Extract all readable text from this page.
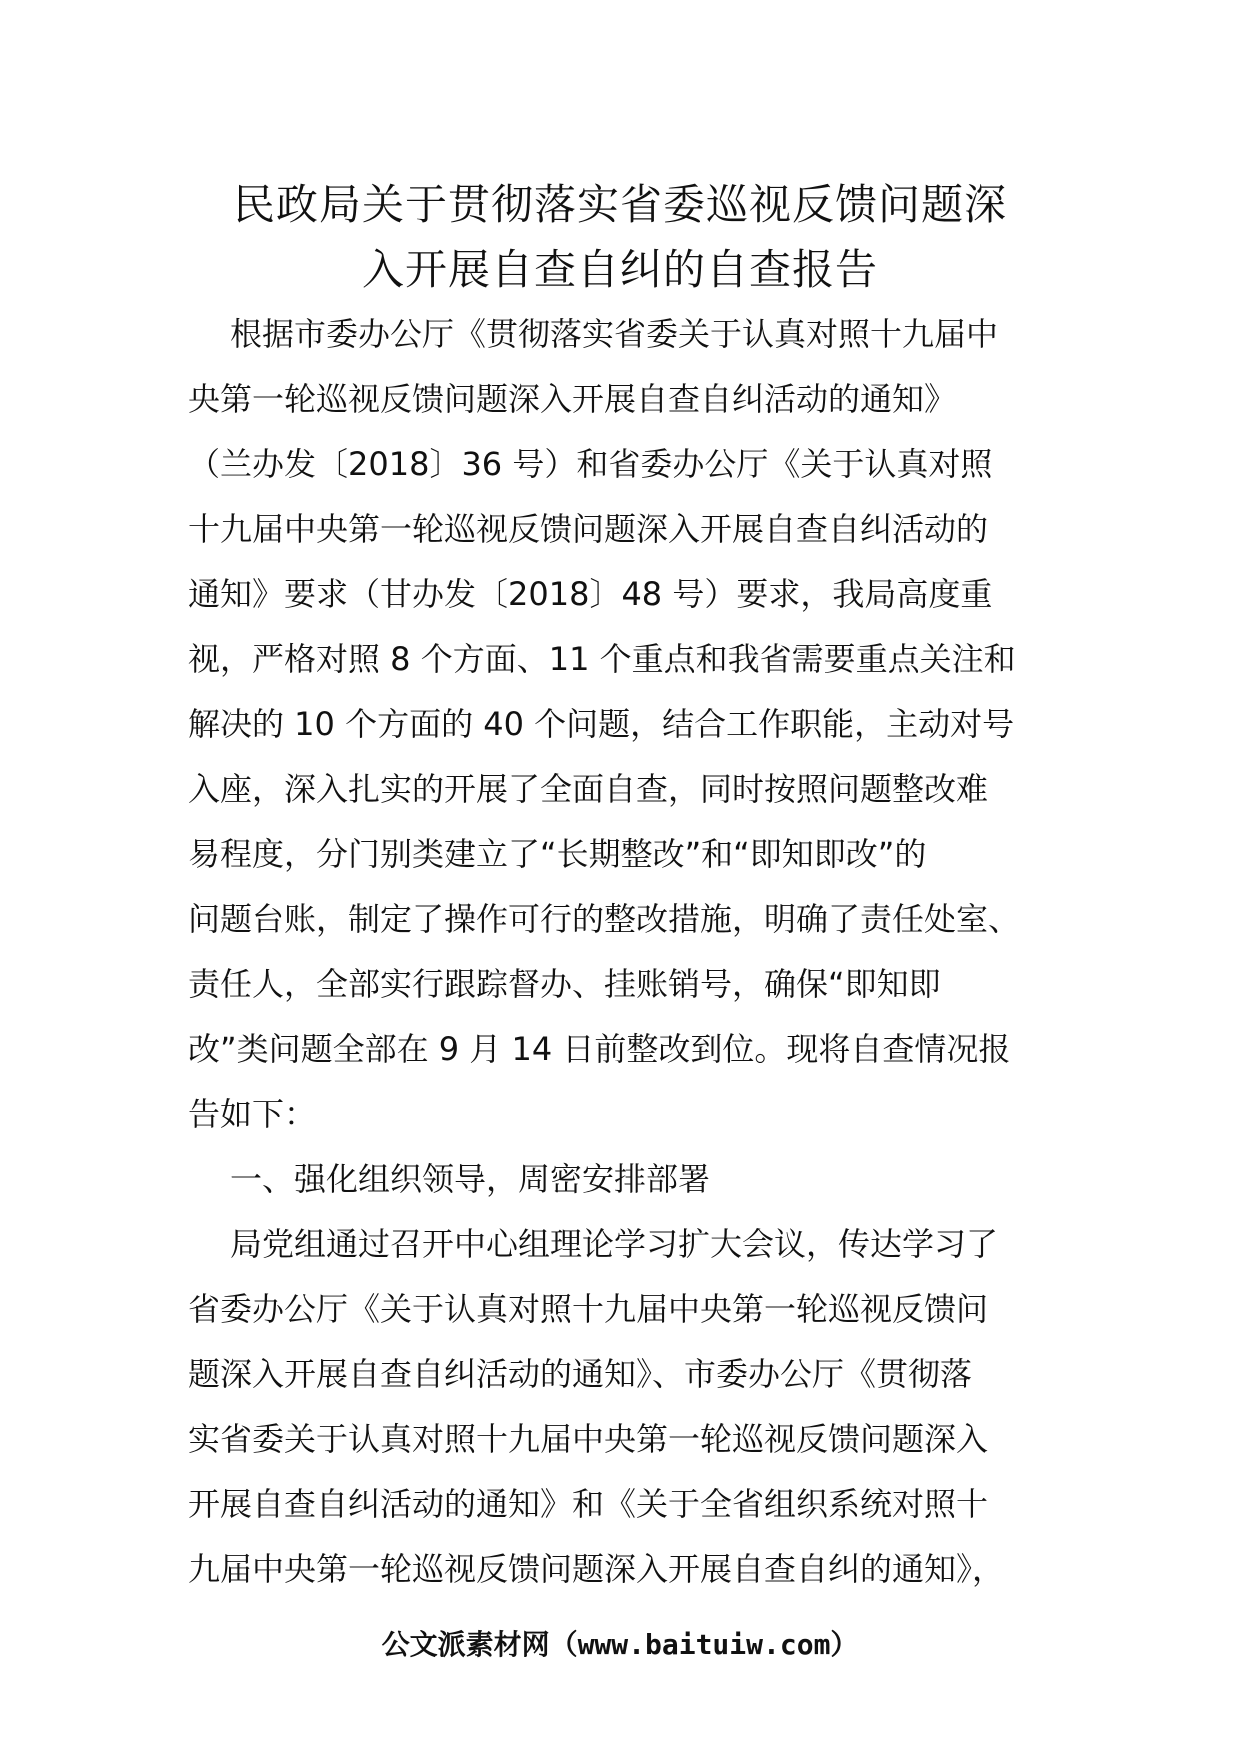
民政局关于贯彻落实省委巡视反馈问题深
入开展自查自纠的自查报告
根据市委办公厅《贯彻落实省委关于认真对照十九届中
央第一轮巡视反馈问题深入开展自查自纠活动的通知》
（兰办发〔2018〕36 号）和省委办公厅《关于认真对照
十九届中央第一轮巡视反馈问题深入开展自查自纠活动的
通知》要求（甘办发〔2018〕48 号）要求，我局高度重
视，严格对照 8 个方面、11 个重点和我省需要重点关注和
解决的 10 个方面的 40 个问题，结合工作职能，主动对号
入座，深入扎实的开展了全面自查，同时按照问题整改难
易程度，分门别类建立了“长期整改”和“即知即改”的
问题台账，制定了操作可行的整改措施，明确了责任处室、
责任人，全部实行跟踪督办、挂账销号，确保“即知即
改”类问题全部在 9 月 14 日前整改到位。现将自查情况报
告如下：
一、强化组织领导，周密安排部署
局党组通过召开中心组理论学习扩大会议，传达学习了
省委办公厅《关于认真对照十九届中央第一轮巡视反馈问
题深入开展自查自纠活动的通知》、市委办公厅《贯彻落
实省委关于认真对照十九届中央第一轮巡视反馈问题深入
开展自查自纠活动的通知》和《关于全省组织系统对照十
九届中央第一轮巡视反馈问题深入开展自查自纠的通知》，
公文派素材网（www.baituiw.com）
